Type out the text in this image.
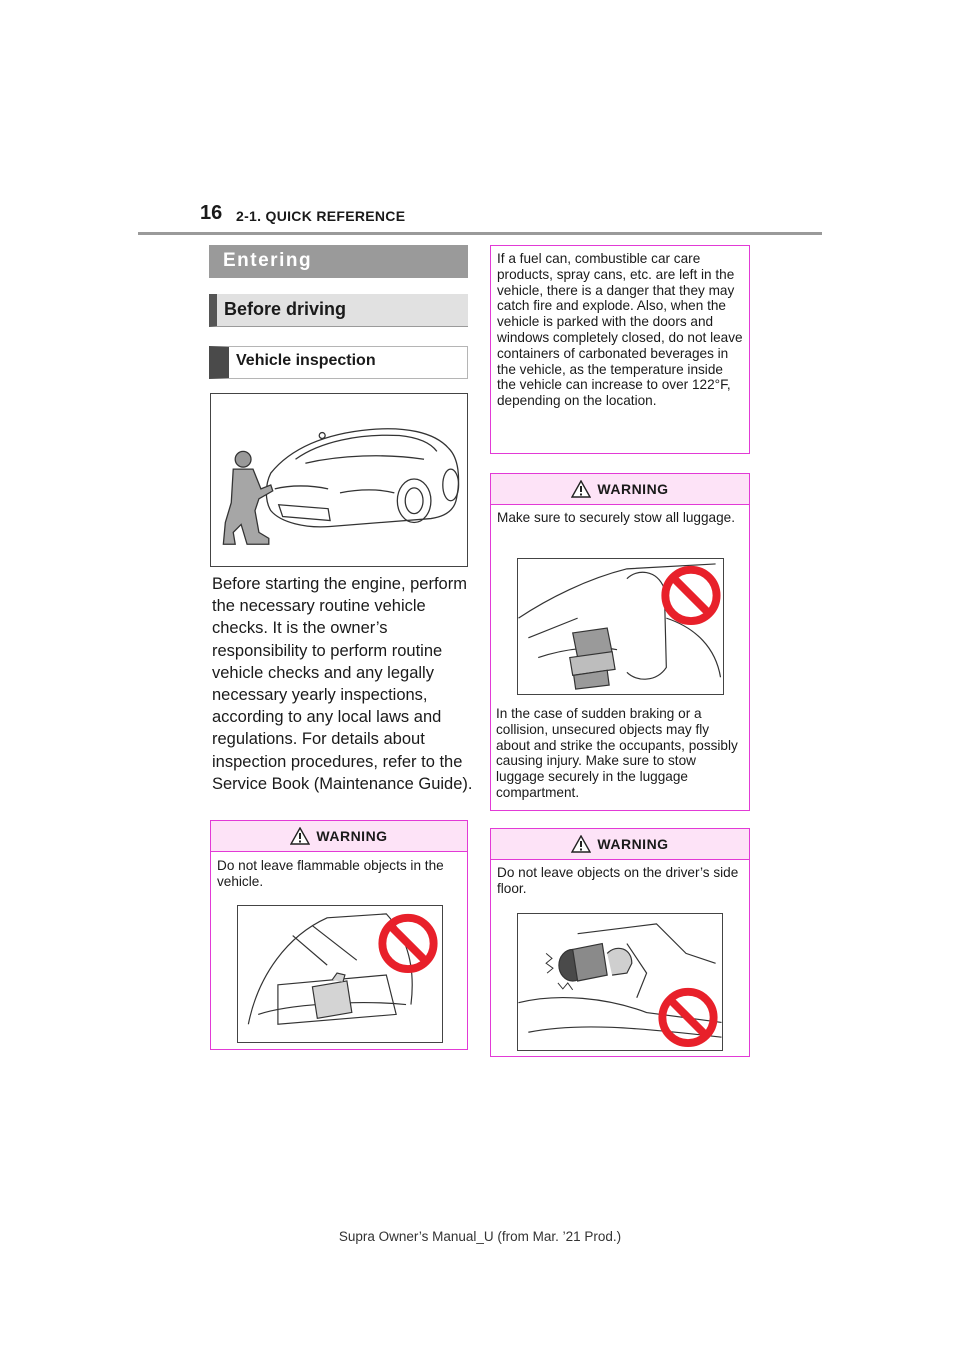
16 2-1. QUICK REFERENCE
Entering
Before driving
Vehicle inspection
Before starting the engine, perform the necessary routine vehicle checks. It is the owner’s responsibility to perform routine vehicle checks and any legally necessary yearly inspections, according to any local laws and regulations. For details about inspection procedures, refer to the Service Book (Maintenance Guide).
WARNING
Do not leave flammable objects in the vehicle.
If a fuel can, combustible car care products, spray cans, etc. are left in the vehicle, there is a danger that they may catch fire and explode. Also, when the vehicle is parked with the doors and windows completely closed, do not leave containers of carbonated beverages in the vehicle, as the temperature inside the vehicle can increase to over 122°F, depending on the location.
WARNING
Make sure to securely stow all luggage.
In the case of sudden braking or a collision, unsecured objects may fly about and strike the occupants, possibly causing injury. Make sure to stow luggage securely in the luggage compartment.
WARNING
Do not leave objects on the driver’s side floor.
Supra Owner’s Manual_U (from Mar. ’21 Prod.)
